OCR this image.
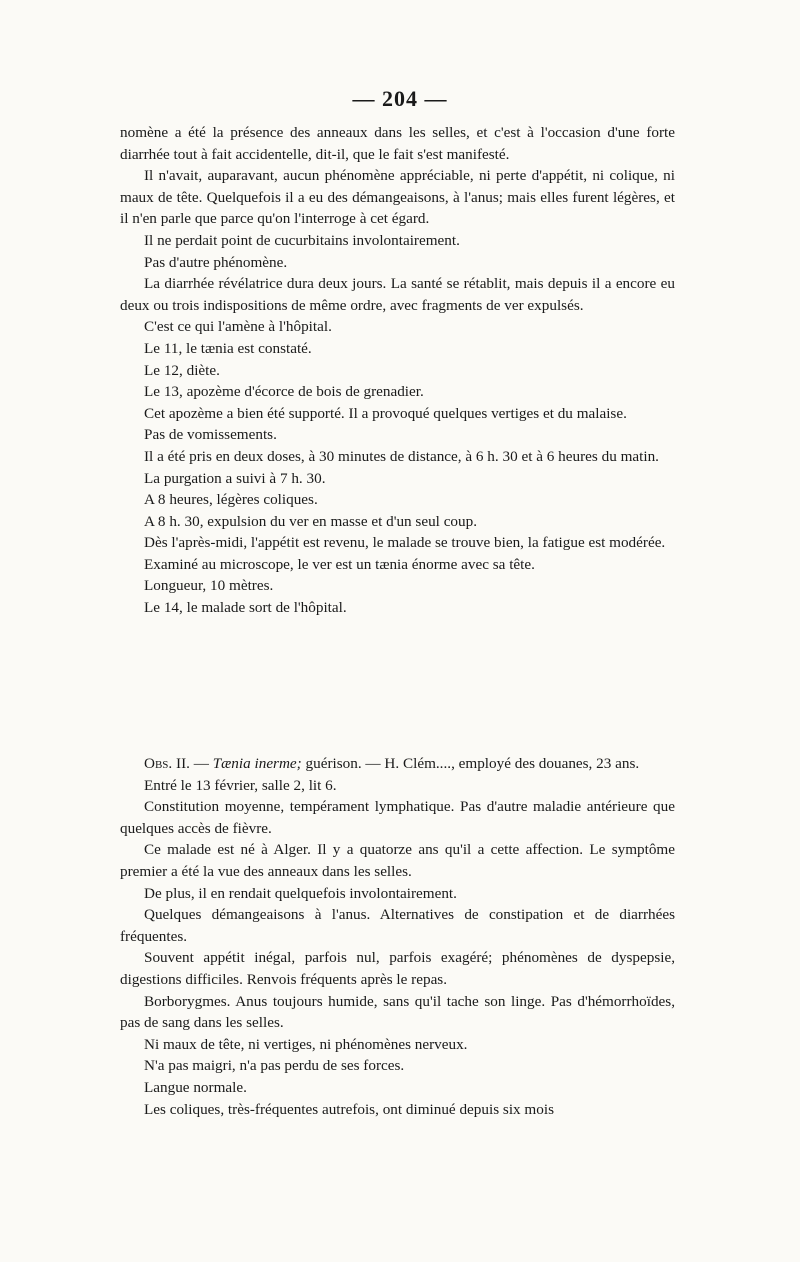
— 204 —

nomène a été la présence des anneaux dans les selles, et c'est à l'occasion d'une forte diarrhée tout à fait accidentelle, dit-il, que le fait s'est manifesté.

Il n'avait, auparavant, aucun phénomène appréciable, ni perte d'appétit, ni colique, ni maux de tête. Quelquefois il a eu des démangeaisons, à l'anus; mais elles furent légères, et il n'en parle que parce qu'on l'interroge à cet égard.

Il ne perdait point de cucurbitains involontairement.

Pas d'autre phénomène.

La diarrhée révélatrice dura deux jours. La santé se rétablit, mais depuis il a encore eu deux ou trois indispositions de même ordre, avec fragments de ver expulsés.

C'est ce qui l'amène à l'hôpital.

Le 11, le tænia est constaté.

Le 12, diète.

Le 13, apozème d'écorce de bois de grenadier.

Cet apozème a bien été supporté. Il a provoqué quelques vertiges et du malaise.

Pas de vomissements.

Il a été pris en deux doses, à 30 minutes de distance, à 6 h. 30 et à 6 heures du matin.

La purgation a suivi à 7 h. 30.

A 8 heures, légères coliques.

A 8 h. 30, expulsion du ver en masse et d'un seul coup.

Dès l'après-midi, l'appétit est revenu, le malade se trouve bien, la fatigue est modérée.

Examiné au microscope, le ver est un tænia énorme avec sa tête.

Longueur, 10 mètres.

Le 14, le malade sort de l'hôpital.

Obs. II. — Tænia inerme; guérison. — H. Clém...., employé des douanes, 23 ans.

Entré le 13 février, salle 2, lit 6.

Constitution moyenne, tempérament lymphatique. Pas d'autre maladie antérieure que quelques accès de fièvre.

Ce malade est né à Alger. Il y a quatorze ans qu'il a cette affection. Le symptôme premier a été la vue des anneaux dans les selles.

De plus, il en rendait quelquefois involontairement.

Quelques démangeaisons à l'anus. Alternatives de constipation et de diarrhées fréquentes.

Souvent appétit inégal, parfois nul, parfois exagéré; phénomènes de dyspepsie, digestions difficiles. Renvois fréquents après le repas.

Borborygmes. Anus toujours humide, sans qu'il tache son linge. Pas d'hémorrhoïdes, pas de sang dans les selles.

Ni maux de tête, ni vertiges, ni phénomènes nerveux.

N'a pas maigri, n'a pas perdu de ses forces.

Langue normale.

Les coliques, très-fréquentes autrefois, ont diminué depuis six mois
